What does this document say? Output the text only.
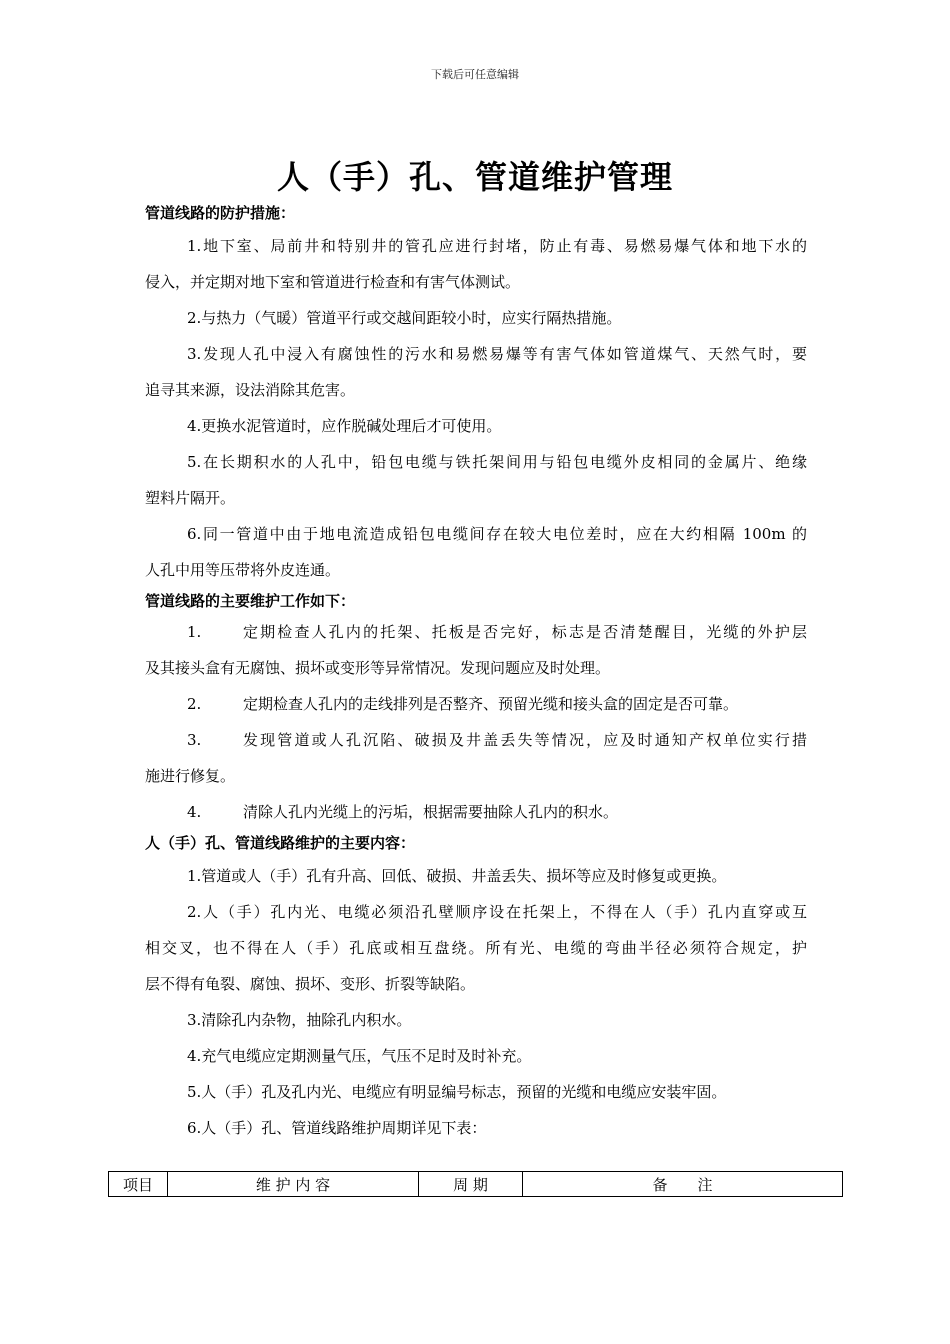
下载后可任意编辑
人（手）孔、管道维护管理
管道线路的防护措施：
1.地下室、局前井和特别井的管孔应进行封堵，防止有毒、易燃易爆气体和地下水的
侵入，并定期对地下室和管道进行检查和有害气体测试。
2.与热力（气暖）管道平行或交越间距较小时，应实行隔热措施。
3.发现人孔中浸入有腐蚀性的污水和易燃易爆等有害气体如管道煤气、天然气时，要
追寻其来源，设法消除其危害。
4.更换水泥管道时，应作脱碱处理后才可使用。
5.在长期积水的人孔中，铅包电缆与铁托架间用与铅包电缆外皮相同的金属片、绝缘
塑料片隔开。
6.同一管道中由于地电流造成铅包电缆间存在较大电位差时，应在大约相隔 100m 的
人孔中用等压带将外皮连通。
管道线路的主要维护工作如下：
1.	定期检查人孔内的托架、托板是否完好，标志是否清楚醒目，光缆的外护层
及其接头盒有无腐蚀、损坏或变形等异常情况。发现问题应及时处理。
2.	定期检查人孔内的走线排列是否整齐、预留光缆和接头盒的固定是否可靠。
3.	发现管道或人孔沉陷、破损及井盖丢失等情况，应及时通知产权单位实行措
施进行修复。
4.	清除人孔内光缆上的污垢，根据需要抽除人孔内的积水。
人（手）孔、管道线路维护的主要内容：
1.管道或人（手）孔有升高、回低、破损、井盖丢失、损坏等应及时修复或更换。
2.人（手）孔内光、电缆必须沿孔壁顺序设在托架上，不得在人（手）孔内直穿或互
相交叉，也不得在人（手）孔底或相互盘绕。所有光、电缆的弯曲半径必须符合规定，护
层不得有龟裂、腐蚀、损坏、变形、折裂等缺陷。
3.清除孔内杂物，抽除孔内积水。
4.充气电缆应定期测量气压，气压不足时及时补充。
5.人（手）孔及孔内光、电缆应有明显编号标志，预留的光缆和电缆应安装牢固。
6.人（手）孔、管道线路维护周期详见下表：
项目	维 护 内 容	周 期	备　　注
